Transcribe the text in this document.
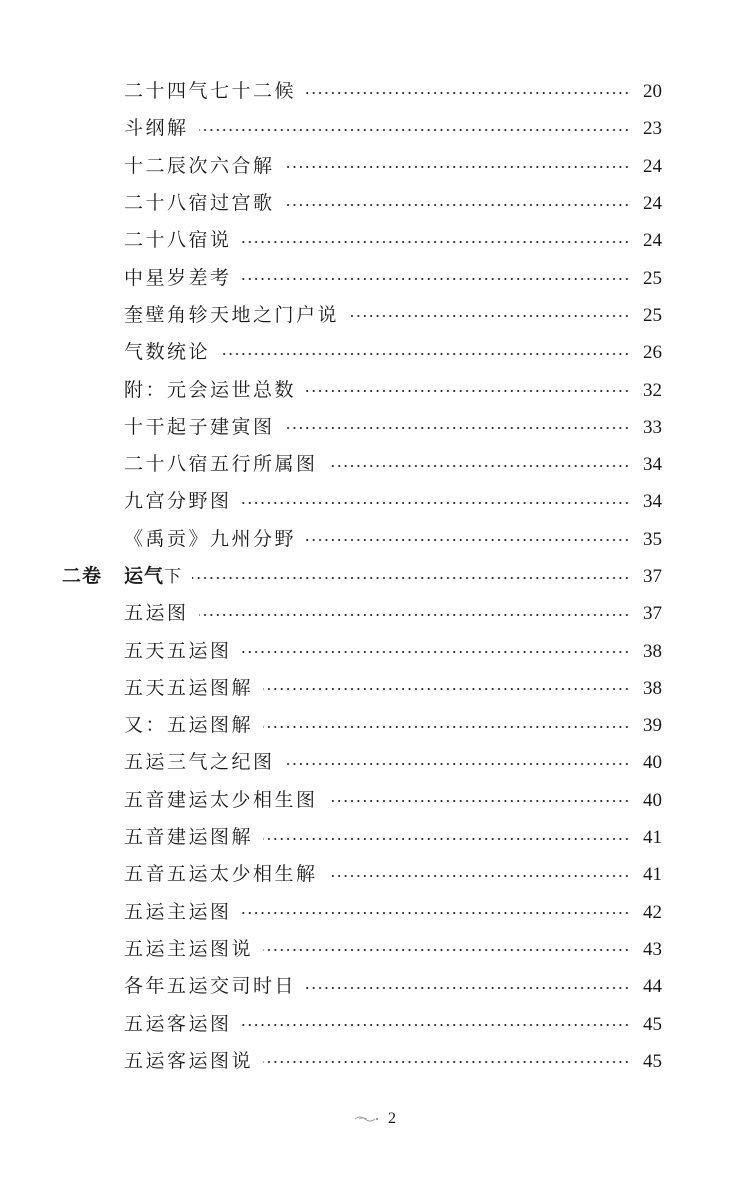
二十四气七十二候	20
斗纲解	23
十二辰次六合解	24
二十八宿过宫歌	24
二十八宿说	24
中星岁差考	25
奎壁角轸天地之门户说	25
气数统论	26
附：元会运世总数	32
十干起子建寅图	33
二十八宿五行所属图	34
九宫分野图	34
《禹贡》九州分野	35
二卷 运气下	37
五运图	37
五天五运图	38
五天五运图解	38
又：五运图解	39
五运三气之纪图	40
五音建运太少相生图	40
五音建运图解	41
五音五运太少相生解	41
五运主运图	42
五运主运图说	43
各年五运交司时日	44
五运客运图	45
五运客运图说	45
2
